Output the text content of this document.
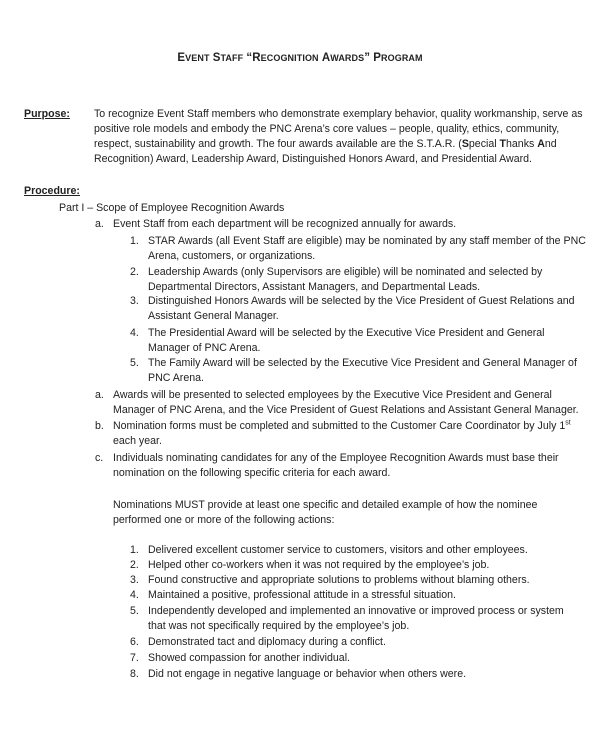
EVENT STAFF “RECOGNITION AWARDS” PROGRAM
Purpose: To recognize Event Staff members who demonstrate exemplary behavior, quality workmanship, serve as
positive role models and embody the PNC Arena’s core values – people, quality, ethics, community,
respect, sustainability and growth. The four awards available are the S.T.A.R. (Special Thanks And
Recognition) Award, Leadership Award, Distinguished Honors Award, and Presidential Award.
Procedure:
Part I – Scope of Employee Recognition Awards
a. Event Staff from each department will be recognized annually for awards.
1. STAR Awards (all Event Staff are eligible) may be nominated by any staff member of the PNC
Arena, customers, or organizations.
2. Leadership Awards (only Supervisors are eligible) will be nominated and selected by
Departmental Directors, Assistant Managers, and Departmental Leads.
3. Distinguished Honors Awards will be selected by the Vice President of Guest Relations and
Assistant General Manager.
4. The Presidential Award will be selected by the Executive Vice President and General
Manager of PNC Arena.
5. The Family Award will be selected by the Executive Vice President and General Manager of
PNC Arena.
a. Awards will be presented to selected employees by the Executive Vice President and General
Manager of PNC Arena, and the Vice President of Guest Relations and Assistant General Manager.
b. Nomination forms must be completed and submitted to the Customer Care Coordinator by July 1st
each year.
c. Individuals nominating candidates for any of the Employee Recognition Awards must base their
nomination on the following specific criteria for each award.
Nominations MUST provide at least one specific and detailed example of how the nominee
performed one or more of the following actions:
1. Delivered excellent customer service to customers, visitors and other employees.
2. Helped other co-workers when it was not required by the employee’s job.
3. Found constructive and appropriate solutions to problems without blaming others.
4. Maintained a positive, professional attitude in a stressful situation.
5. Independently developed and implemented an innovative or improved process or system
that was not specifically required by the employee’s job.
6. Demonstrated tact and diplomacy during a conflict.
7. Showed compassion for another individual.
8. Did not engage in negative language or behavior when others were.
